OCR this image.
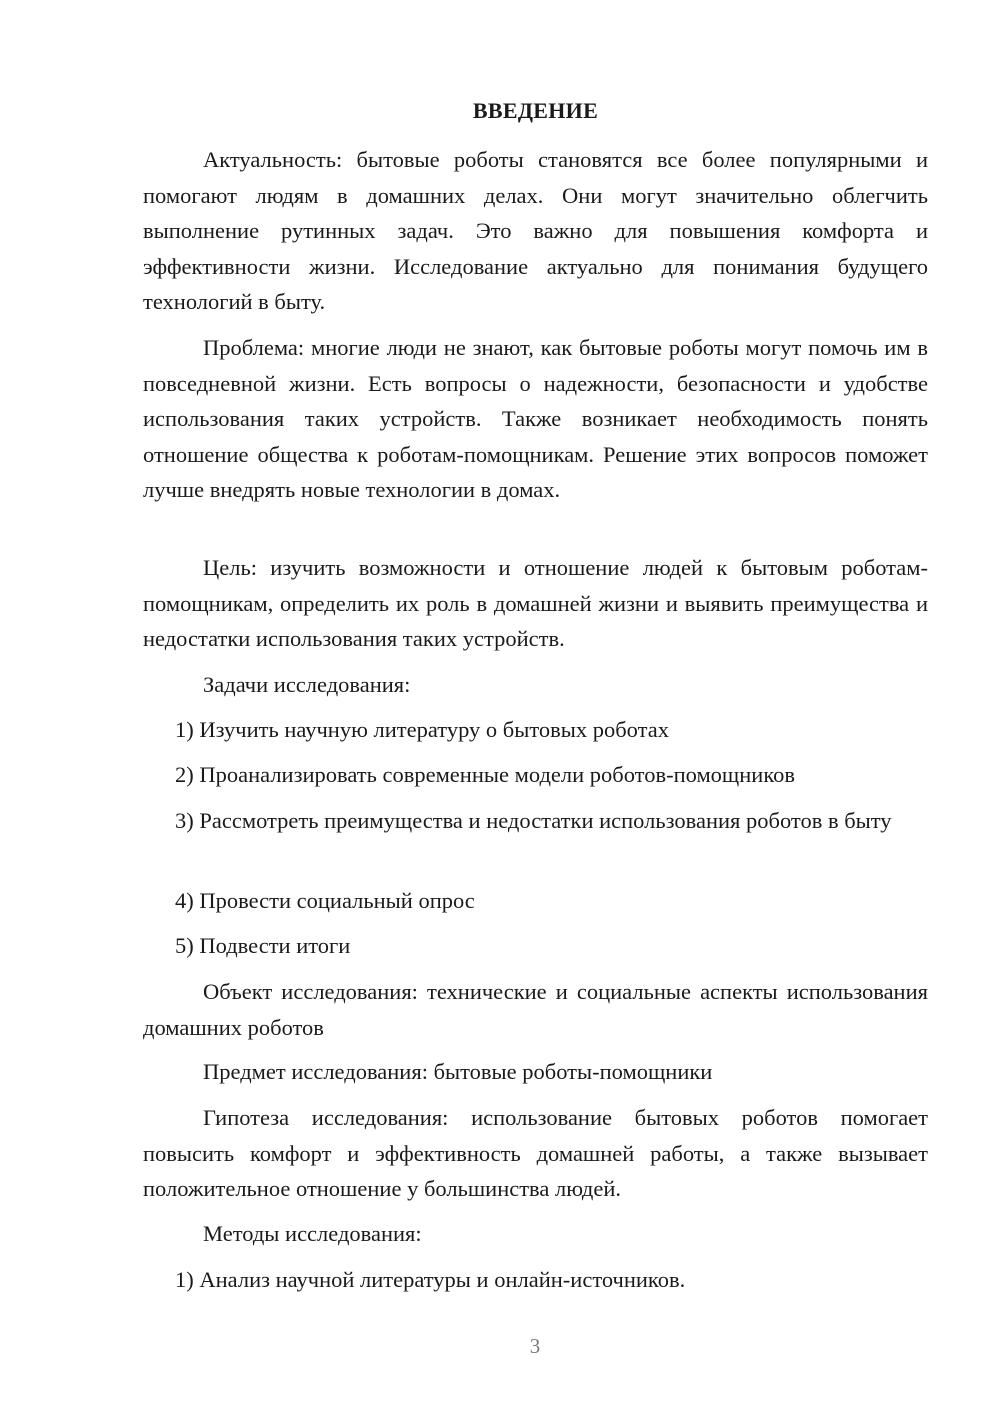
ВВЕДЕНИЕ

Актуальность: бытовые роботы становятся все более популярными и помогают людям в домашних делах. Они могут значительно облегчить выполнение рутинных задач. Это важно для повышения комфорта и эффективности жизни. Исследование актуально для понимания будущего технологий в быту.

Проблема: многие люди не знают, как бытовые роботы могут помочь им в повседневной жизни. Есть вопросы о надежности, безопасности и удобстве использования таких устройств. Также возникает необходимость понять отношение общества к роботам-помощникам. Решение этих вопросов поможет лучше внедрять новые технологии в домах.

Цель: изучить возможности и отношение людей к бытовым роботам-помощникам, определить их роль в домашней жизни и выявить преимущества и недостатки использования таких устройств.

Задачи исследования:

1) Изучить научную литературу о бытовых роботах

2) Проанализировать современные модели роботов-помощников

3) Рассмотреть преимущества и недостатки использования роботов в быту

4) Провести социальный опрос

5) Подвести итоги

Объект исследования: технические и социальные аспекты использования домашних роботов

Предмет исследования: бытовые роботы-помощники

Гипотеза исследования: использование бытовых роботов помогает повысить комфорт и эффективность домашней работы, а также вызывает положительное отношение у большинства людей.

Методы исследования:

1) Анализ научной литературы и онлайн-источников.

3
